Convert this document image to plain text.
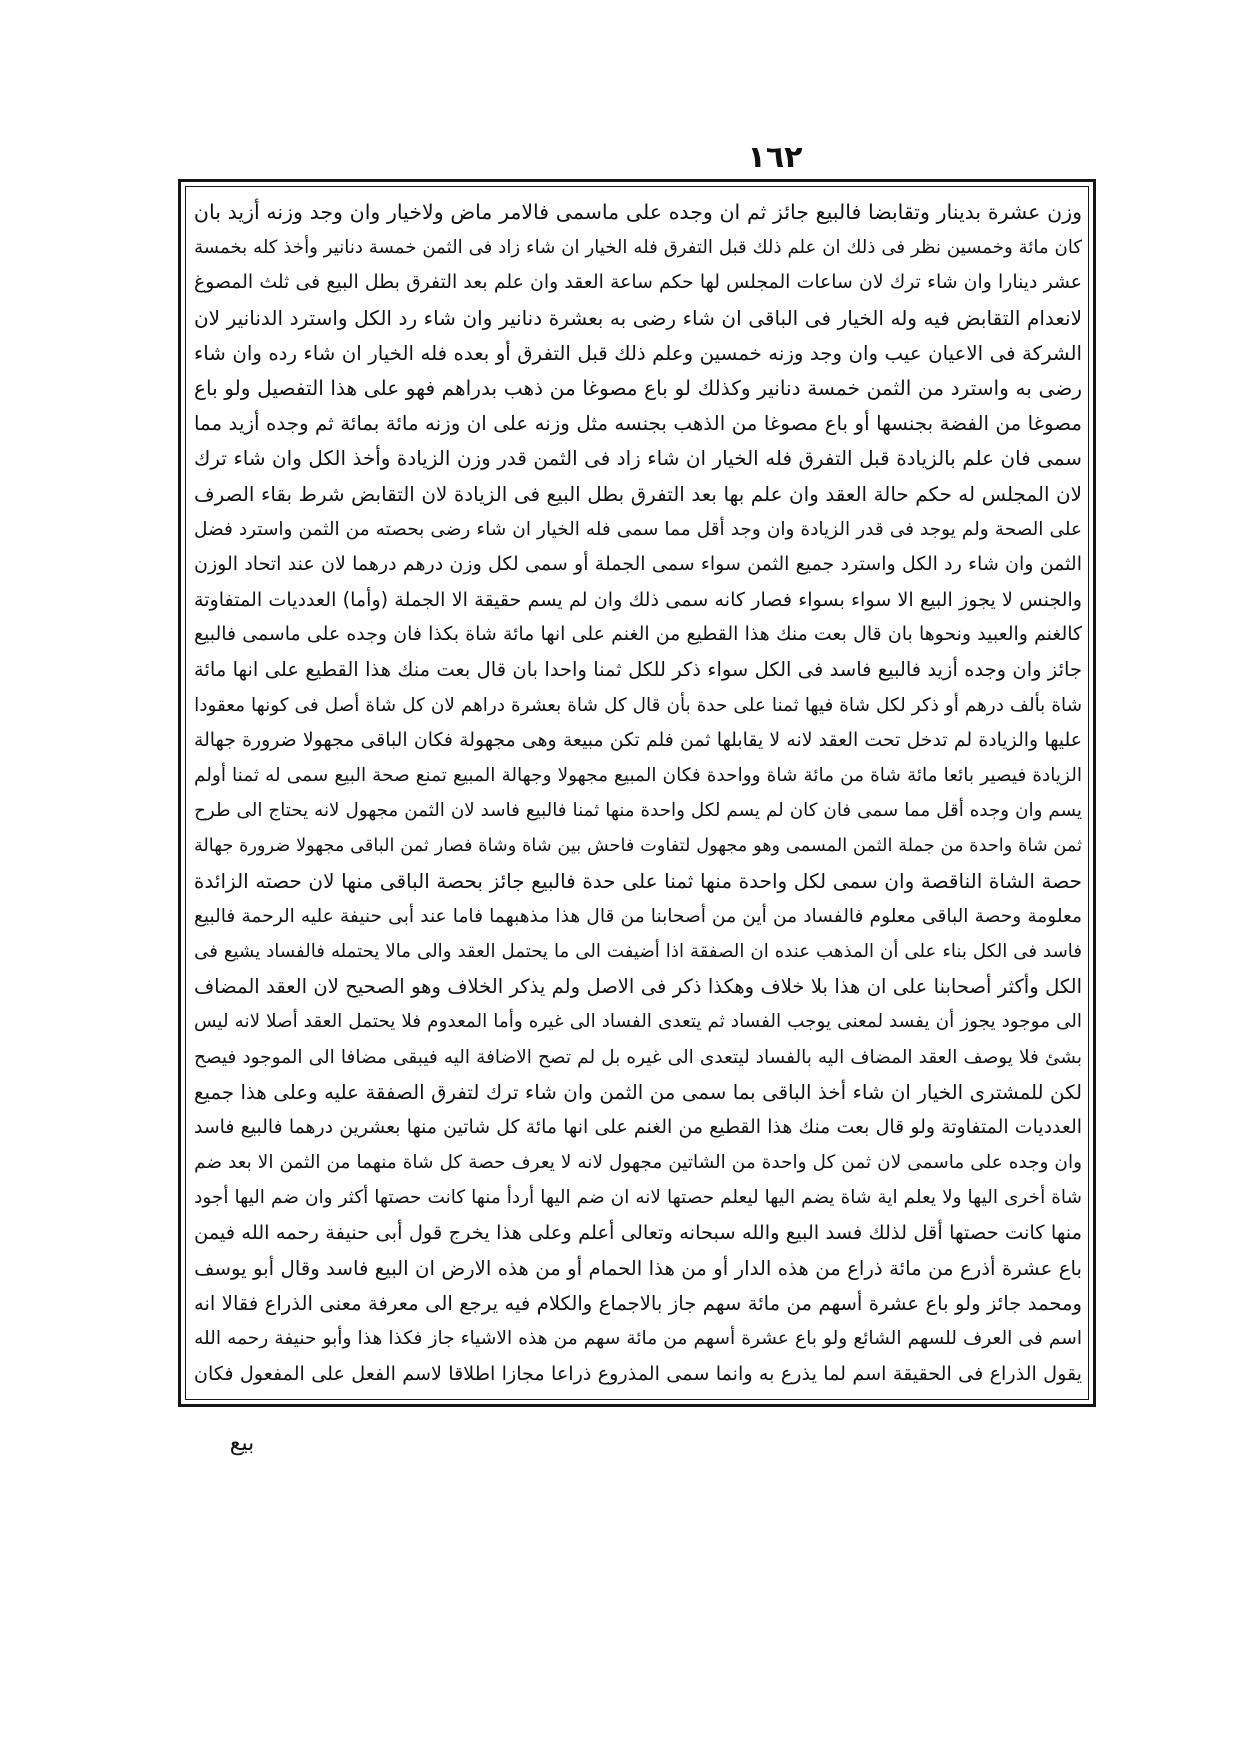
١٦٢
وزن عشرة بدينار وتقابضا فالبيع جائز ثم ان وجده على ماسمى فالامر ماض ولاخيار وان وجد وزنه أزيد بان
كان مائة وخمسين نظر فى ذلك ان علم ذلك قبل التفرق فله الخيار ان شاء زاد فى الثمن خمسة دنانير وأخذ كله بخمسة
عشر دينارا وان شاء ترك لان ساعات المجلس لها حكم ساعة العقد وان علم بعد التفرق بطل البيع فى ثلث المصوغ
لانعدام التقابض فيه وله الخيار فى الباقى ان شاء رضى به بعشرة دنانير وان شاء رد الكل واسترد الدنانير لان
الشركة فى الاعيان عيب وان وجد وزنه خمسين وعلم ذلك قبل التفرق أو بعده فله الخيار ان شاء رده وان شاء
رضى به واسترد من الثمن خمسة دنانير وكذلك لو باع مصوغا من ذهب بدراهم فهو على هذا التفصيل ولو باع
مصوغا من الفضة بجنسها أو باع مصوغا من الذهب بجنسه مثل وزنه على ان وزنه مائة بمائة ثم وجده أزيد مما
سمى فان علم بالزيادة قبل التفرق فله الخيار ان شاء زاد فى الثمن قدر وزن الزيادة وأخذ الكل وان شاء ترك
لان المجلس له حكم حالة العقد وان علم بها بعد التفرق بطل البيع فى الزيادة لان التقابض شرط بقاء الصرف
على الصحة ولم يوجد فى قدر الزيادة وان وجد أقل مما سمى فله الخيار ان شاء رضى بحصته من الثمن واسترد فضل
الثمن وان شاء رد الكل واسترد جميع الثمن سواء سمى الجملة أو سمى لكل وزن درهم درهما لان عند اتحاد الوزن
والجنس لا يجوز البيع الا سواء بسواء فصار كانه سمى ذلك وان لم يسم حقيقة الا الجملة (وأما) العدديات المتفاوتة
كالغنم والعبيد ونحوها بان قال بعت منك هذا القطيع من الغنم على انها مائة شاة بكذا فان وجده على ماسمى فالبيع
جائز وان وجده أزيد فالبيع فاسد فى الكل سواء ذكر للكل ثمنا واحدا بان قال بعت منك هذا القطيع على انها مائة
شاة بألف درهم أو ذكر لكل شاة فيها ثمنا على حدة بأن قال كل شاة بعشرة دراهم لان كل شاة أصل فى كونها معقودا
عليها والزيادة لم تدخل تحت العقد لانه لا يقابلها ثمن فلم تكن مبيعة وهى مجهولة فكان الباقى مجهولا ضرورة جهالة
الزيادة فيصير بائعا مائة شاة من مائة شاة وواحدة فكان المبيع مجهولا وجهالة المبيع تمنع صحة البيع سمى له ثمنا أولم
يسم وان وجده أقل مما سمى فان كان لم يسم لكل واحدة منها ثمنا فالبيع فاسد لان الثمن مجهول لانه يحتاج الى طرح
ثمن شاة واحدة من جملة الثمن المسمى وهو مجهول لتفاوت فاحش بين شاة وشاة فصار ثمن الباقى مجهولا ضرورة جهالة
حصة الشاة الناقصة وان سمى لكل واحدة منها ثمنا على حدة فالبيع جائز بحصة الباقى منها لان حصته الزائدة
معلومة وحصة الباقى معلوم فالفساد من أين من أصحابنا من قال هذا مذهبهما فاما عند أبى حنيفة عليه الرحمة فالبيع
فاسد فى الكل بناء على أن المذهب عنده ان الصفقة اذا أضيفت الى ما يحتمل العقد والى مالا يحتمله فالفساد يشيع فى
الكل وأكثر أصحابنا على ان هذا بلا خلاف وهكذا ذكر فى الاصل ولم يذكر الخلاف وهو الصحيح لان العقد المضاف
الى موجود يجوز أن يفسد لمعنى يوجب الفساد ثم يتعدى الفساد الى غيره وأما المعدوم فلا يحتمل العقد أصلا لانه ليس
بشئ فلا يوصف العقد المضاف اليه بالفساد ليتعدى الى غيره بل لم تصح الاضافة اليه فيبقى مضافا الى الموجود فيصح
لكن للمشترى الخيار ان شاء أخذ الباقى بما سمى من الثمن وان شاء ترك لتفرق الصفقة عليه وعلى هذا جميع
العدديات المتفاوتة ولو قال بعت منك هذا القطيع من الغنم على انها مائة كل شاتين منها بعشرين درهما فالبيع فاسد
وان وجده على ماسمى لان ثمن كل واحدة من الشاتين مجهول لانه لا يعرف حصة كل شاة منهما من الثمن الا بعد ضم
شاة أخرى اليها ولا يعلم اية شاة يضم اليها ليعلم حصتها لانه ان ضم اليها أردأ منها كانت حصتها أكثر وان ضم اليها أجود
منها كانت حصتها أقل لذلك فسد البيع والله سبحانه وتعالى أعلم وعلى هذا يخرج قول أبى حنيفة رحمه الله فيمن
باع عشرة أذرع من مائة ذراع من هذه الدار أو من هذا الحمام أو من هذه الارض ان البيع فاسد وقال أبو يوسف
ومحمد جائز ولو باع عشرة أسهم من مائة سهم جاز بالاجماع والكلام فيه يرجع الى معرفة معنى الذراع فقالا انه
اسم فى العرف للسهم الشائع ولو باع عشرة أسهم من مائة سهم من هذه الاشياء جاز فكذا هذا وأبو حنيفة رحمه الله
يقول الذراع فى الحقيقة اسم لما يذرع به وانما سمى المذروع ذراعا مجازا اطلاقا لاسم الفعل على المفعول فكان
بيع
